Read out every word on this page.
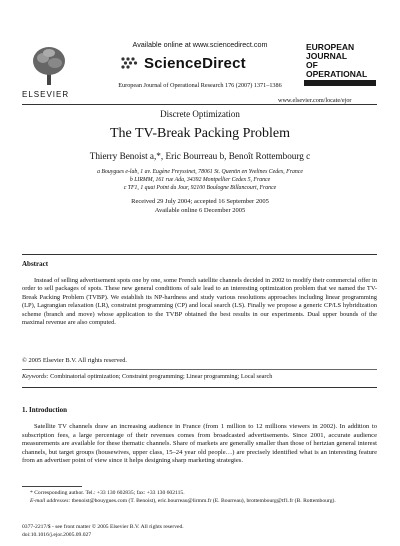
ELSEVIER
Available online at www.sciencedirect.com
ScienceDirect
European Journal of Operational Research 176 (2007) 1371–1386
EUROPEAN
JOURNAL
OF OPERATIONAL
www.elsevier.com/locate/ejor
Discrete Optimization
The TV-Break Packing Problem
Thierry Benoist a,*, Eric Bourreau b, Benoît Rottembourg c
a Bouygues e-lab, 1 av. Eugène Freyssinet, 78061 St. Quentin en Yvelines Cedex, France
b LIRMM, 161 rue Ada, 34392 Montpellier Cedex 5, France
c TF1, 1 quai Point du Jour, 92100 Boulogne Billancourt, France
Received 29 July 2004; accepted 16 September 2005
Available online 6 December 2005
Abstract
Instead of selling advertisement spots one by one, some French satellite channels decided in 2002 to modify their commercial offer in order to sell packages of spots. These new general conditions of sale lead to an interesting optimization problem that we named the TV-Break Packing Problem (TVBP). We establish its NP-hardness and study various resolutions approaches including linear programming (LP), Lagrangian relaxation (LR), constraint programming (CP) and local search (LS). Finally we propose a generic CP/LS hybridization scheme (branch and move) whose application to the TVBP obtained the best results in our experiments. Dual upper bounds of the maximal revenue are also computed.
© 2005 Elsevier B.V. All rights reserved.
Keywords: Combinatorial optimization; Constraint programming; Linear programming; Local search
1. Introduction
Satellite TV channels draw an increasing audience in France (from 1 million to 12 millions viewers in 2002). In addition to subscription fees, a large percentage of their revenues comes from broadcasted advertisements. Since 2001, accurate audience measurements are available for these thematic channels. Share of markets are generally smaller than those of hertzian general interest channels, but target groups (housewives, upper class, 15–24 year old people…) are precisely identified what is an interesting feature from an advertiser point of view since it helps designing sharp marketing strategies.
* Corresponding author. Tel.: +33 130 602835; fax: +33 130 602115.
E-mail addresses: tbenoist@bouygues.com (T. Benoist), eric.bourreau@lirmm.fr (E. Bourreau), brottembourg@tf1.fr (B. Rottembourg).
0377-2217/$ - see front matter © 2005 Elsevier B.V. All rights reserved.
doi:10.1016/j.ejor.2005.09.027
